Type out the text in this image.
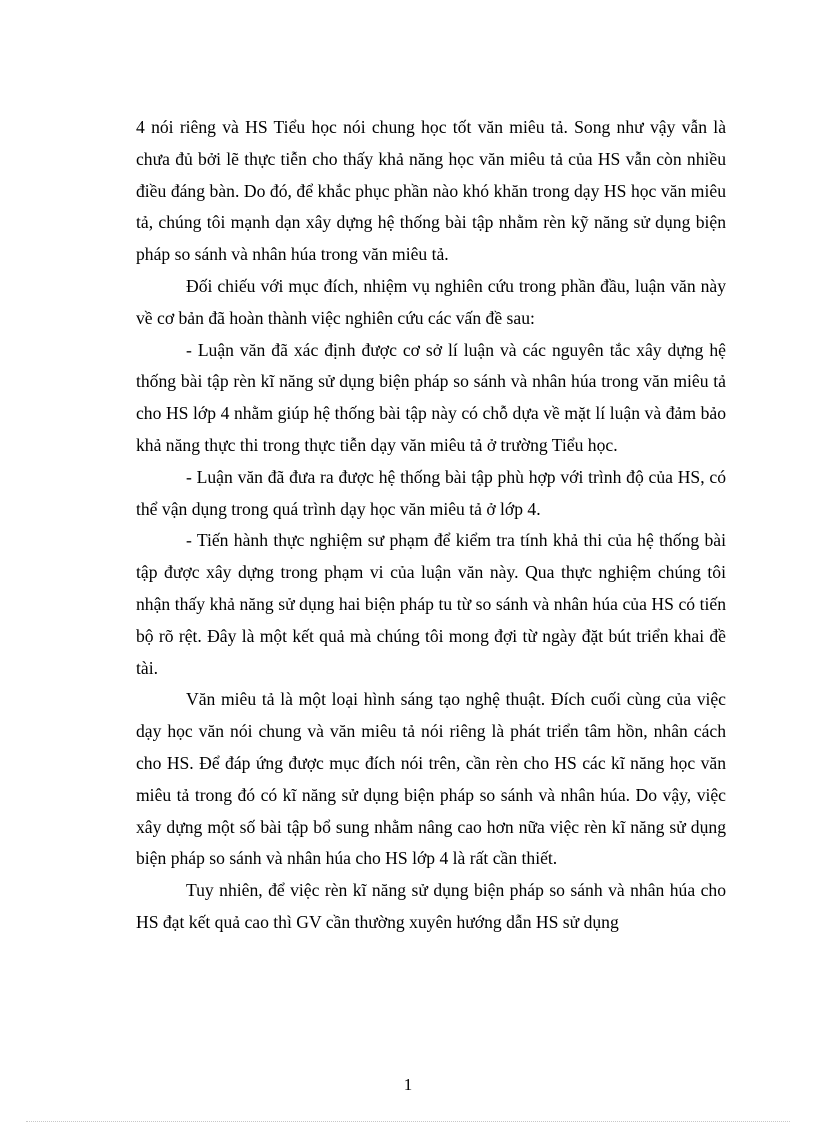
4 nói riêng và HS Tiểu học nói chung học tốt văn miêu tả. Song như vậy vẫn là chưa đủ bởi lẽ thực tiễn cho thấy khả năng học văn miêu tả của HS vẫn còn nhiều điều đáng bàn. Do đó, để khắc phục phần nào khó khăn trong dạy HS học văn miêu tả, chúng tôi mạnh dạn xây dựng hệ thống bài tập nhằm rèn kỹ năng sử dụng biện pháp so sánh và nhân húa trong văn miêu tả.

Đối chiếu với mục đích, nhiệm vụ nghiên cứu trong phần đầu, luận văn này về cơ bản đã hoàn thành việc nghiên cứu các vấn đề sau:

- Luận văn đã xác định được cơ sở lí luận và các nguyên tắc xây dựng hệ thống bài tập rèn kĩ năng sử dụng biện pháp so sánh và nhân húa trong văn miêu tả cho HS lớp 4 nhằm giúp hệ thống bài tập này có chỗ dựa về mặt lí luận và đảm bảo khả năng thực thi trong thực tiễn dạy văn miêu tả ở trường Tiểu học.

- Luận văn đã đưa ra được hệ thống bài tập phù hợp với trình độ của HS, có thể vận dụng trong quá trình dạy học văn miêu tả ở lớp 4.

- Tiến hành thực nghiệm sư phạm để kiểm tra tính khả thi của hệ thống bài tập được xây dựng trong phạm vi của luận văn này. Qua thực nghiệm chúng tôi nhận thấy khả năng sử dụng hai biện pháp tu từ so sánh và nhân húa của HS có tiến bộ rõ rệt. Đây là một kết quả mà chúng tôi mong đợi từ ngày đặt bút triển khai đề tài.

Văn miêu tả là một loại hình sáng tạo nghệ thuật. Đích cuối cùng của việc dạy học văn nói chung và văn miêu tả nói riêng là phát triển tâm hồn, nhân cách cho HS. Để đáp ứng được mục đích nói trên, cần rèn cho HS các kĩ năng học văn miêu tả trong đó có kĩ năng sử dụng biện pháp so sánh và nhân húa. Do vậy, việc xây dựng một số bài tập bổ sung nhằm nâng cao hơn nữa việc rèn kĩ năng sử dụng biện pháp so sánh và nhân húa cho HS lớp 4 là rất cần thiết.

Tuy nhiên, để việc rèn kĩ năng sử dụng biện pháp so sánh và nhân húa cho HS đạt kết quả cao thì GV cần thường xuyên hướng dẫn HS sử dụng

1
